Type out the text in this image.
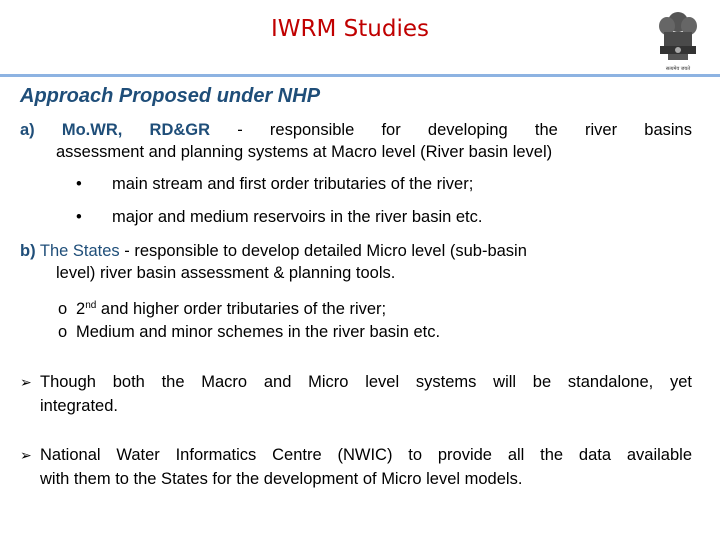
IWRM Studies
सत्यमेव जयते
Approach Proposed under NHP
a) Mo.WR, RD&GR - responsible for developing the river basins
assessment and planning systems at Macro level (River basin level)
• main stream and first order tributaries of the river;
• major and medium reservoirs in the river basin etc.
b) The States - responsible to develop detailed Micro level (sub-basin
level) river basin assessment & planning tools.
o 2nd and higher order tributaries of the river;
o Medium and minor schemes in the river basin etc.
➢ Though both the Macro and Micro level systems will be standalone, yet
integrated.
➢ National Water Informatics Centre (NWIC) to provide all the data available
with them to the States for the development of Micro level models.
